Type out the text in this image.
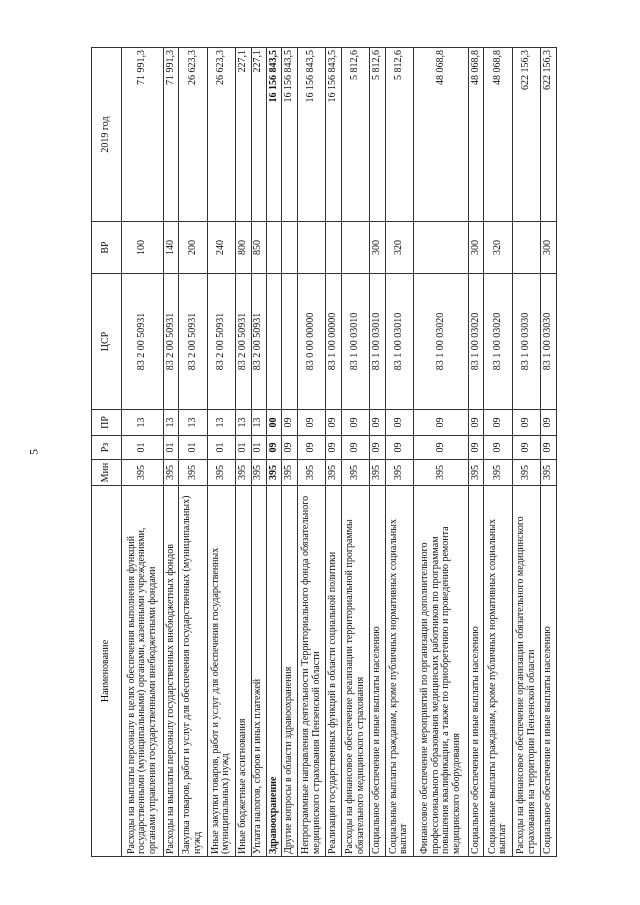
5
Наименование	Мин	Рз	ПР	ЦСР	ВР	2019 год
Расходы на выплаты персоналу в целях обеспечения выполнения функций государственными (муниципальными) органами, казенными учреждениями, органами управления государственными внебюджетными фондами	395	01	13	83 2 00 50931	100	71 991,3
Расходы на выплаты персоналу государственных внебюджетных фондов	395	01	13	83 2 00 50931	140	71 991,3
Закупка товаров, работ и услуг для обеспечения государственных (муниципальных) нужд	395	01	13	83 2 00 50931	200	26 623,3
Иные закупки товаров, работ и услуг для обеспечения государственных (муниципальных) нужд	395	01	13	83 2 00 50931	240	26 623,3
Иные бюджетные ассигнования	395	01	13	83 2 00 50931	800	227,1
Уплата налогов, сборов и иных платежей	395	01	13	83 2 00 50931	850	227,1
Здравоохранение	395	09	00			16 156 843,5
Другие вопросы в области здравоохранения	395	09	09			16 156 843,5
Непрограммные направления деятельности Территориального фонда обязательного медицинского страхования Пензенской области	395	09	09	83 0 00 00000		16 156 843,5
Реализация государственных функций в области социальной политики	395	09	09	83 1 00 00000		16 156 843,5
Расходы на финансовое обеспечение реализации территориальной программы обязательного медицинского страхования	395	09	09	83 1 00 03010		5 812,6
Социальное обеспечение и иные выплаты населению	395	09	09	83 1 00 03010	300	5 812,6
Социальные выплаты гражданам, кроме публичных нормативных социальных выплат	395	09	09	83 1 00 03010	320	5 812,6
Финансовое обеспечение мероприятий по организации дополнительного профессионального образования медицинских работников по программам повышения квалификации, а также по приобретению и проведению ремонта медицинского оборудования	395	09	09	83 1 00 03020		48 068,8
Социальное обеспечение и иные выплаты населению	395	09	09	83 1 00 03020	300	48 068,8
Социальные выплаты гражданам, кроме публичных нормативных социальных выплат	395	09	09	83 1 00 03020	320	48 068,8
Расходы на финансовое обеспечение организации обязательного медицинского страхования на территории Пензенской области	395	09	09	83 1 00 03030		622 156,3
Социальное обеспечение и иные выплаты населению	395	09	09	83 1 00 03030	300	622 156,3
